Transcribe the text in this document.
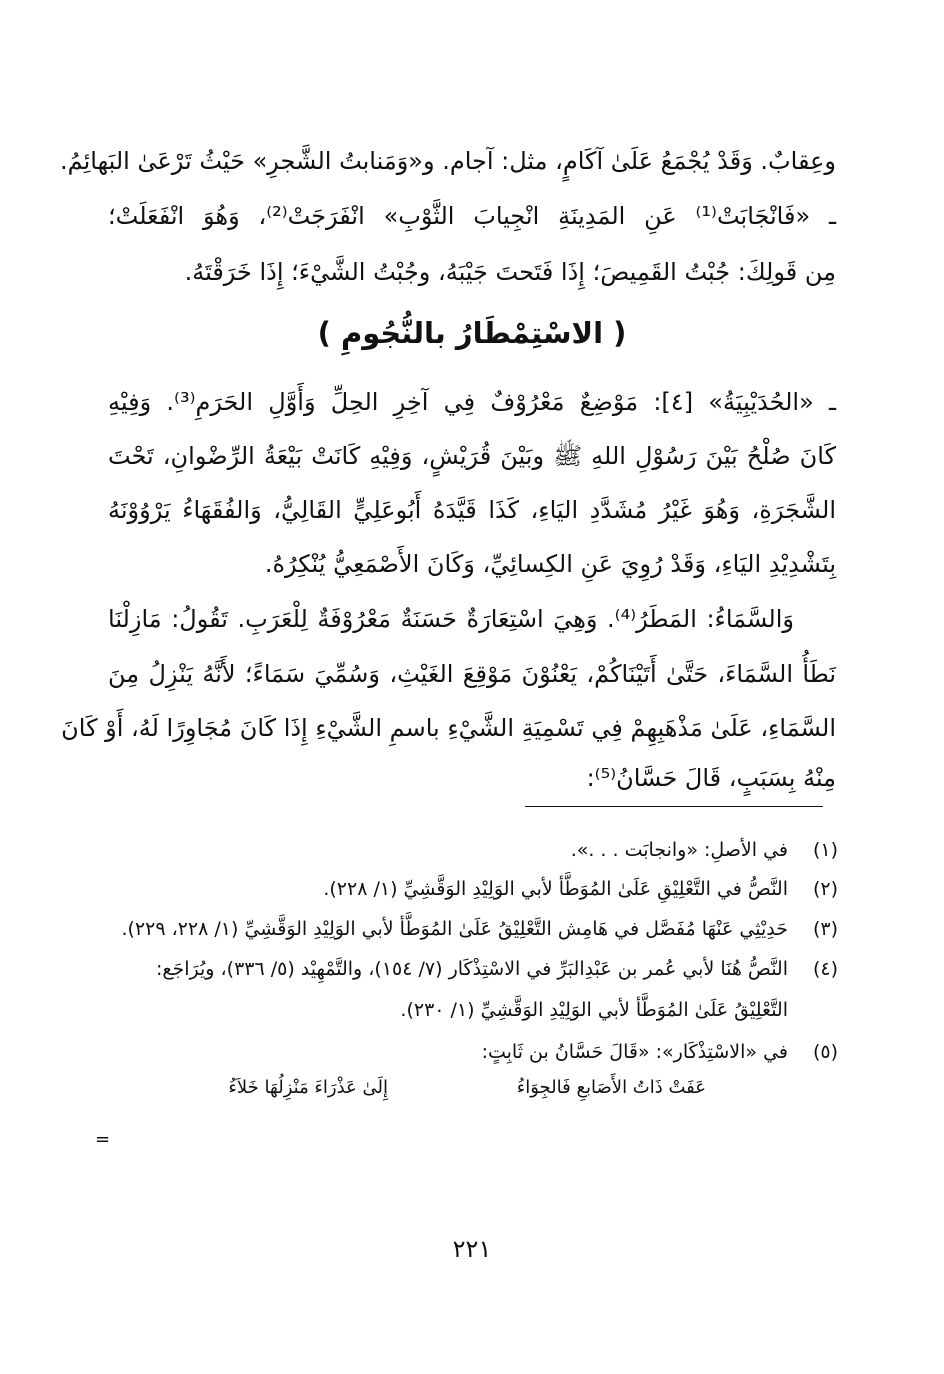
وعِقابٌ. وَقَدْ يُجْمَعُ عَلَىٰ آكَامٍ، مثل: آجام. و«وَمَنابتُ الشَّجرِ» حَيْثُ تَرْعَىٰ البَهائِمُ.
ـ «فَانْجَابَتْ⁽¹⁾ عَنِ المَدِينَةِ انْجِيابَ الثَّوْبِ» انْفَرَجَتْ⁽²⁾، وَهُوَ انْفَعَلَتْ؛
مِن قَولِكَ: جُبْتُ القَمِيصَ؛ إِذَا فَتَحتَ جَيْبَهُ، وجُبْتُ الشَّيْءَ؛ إِذَا خَرَقْتَهُ.
( الاسْتِمْطَارُ بالنُّجُومِ )
ـ «الحُدَيْبِيَةُ» [٤]: مَوْضِعٌ مَعْرُوْفٌ فِي آخِرِ الحِلِّ وَأَوَّلِ الحَرَمِ⁽³⁾. وَفِيْهِ
كَانَ صُلْحُ بَيْنَ رَسُوْلِ اللهِ ﷺ وبَيْنَ قُرَيْشٍ، وَفِيْهِ كَانَتْ بَيْعَةُ الرِّضْوانِ، تَحْتَ
الشَّجَرَةِ، وَهُوَ غَيْرُ مُشَدَّدِ اليَاءِ، كَذَا قَيَّدَهُ أَبُوعَلِيٍّ القَالِيُّ، وَالفُقَهَاءُ يَرْوُوْنَهُ
بِتَشْدِيْدِ اليَاءِ، وَقَدْ رُوِيَ عَنِ الكِسائِيِّ، وَكَانَ الأَصْمَعِيُّ يُنْكِرُهُ.
وَالسَّمَاءُ: المَطَرُ⁽⁴⁾. وَهِيَ اسْتِعَارَةٌ حَسَنَةٌ مَعْرُوْفَةٌ لِلْعَرَبِ. تَقُولُ: مَازِلْنَا
نَطَأُ السَّمَاءَ، حَتَّىٰ أَتَيْنَاكُمْ، يَعْنُوْنَ مَوْقِعَ الغَيْثِ، وَسُمِّيَ سَمَاءً؛ لأَنَّهُ يَنْزِلُ مِنَ
السَّمَاءِ، عَلَىٰ مَذْهَبِهِمْ فِي تَسْمِيَةِ الشَّيْءِ باسمِ الشَّيْءِ إِذَا كَانَ مُجَاوِرًا لَهُ، أَوْ كَانَ
مِنْهُ بِسَبَبٍ، قَالَ حَسَّانُ⁽⁵⁾:
(١)
في الأصلِ: «وانجابَت . . .».
(٢)
النَّصُّ في التَّعْلِيْقِ عَلَىٰ المُوَطَّأ لأبي الوَلِيْدِ الوَقَّشِيِّ (١/ ٢٢٨).
(٣)
حَدِيْثِي عَنْهَا مُفَصَّل في هَامِش التَّعْلِيْقُ عَلَىٰ المُوَطَّأ لأبي الوَلِيْدِ الوَقَّشِيِّ (١/ ٢٢٨، ٢٢٩).
(٤)
النَّصُّ هُنَا لأبي عُمر بن عَبْدِالبَرِّ في الاسْتِذْكَار (٧/ ١٥٤)، والتَّمْهِيْد (٥/ ٣٣٦)، ويُرَاجَع:
التَّعْلِيْقُ عَلَىٰ المُوَطَّأ لأبي الوَلِيْدِ الوَقَّشِيِّ (١/ ٢٣٠).
(٥)
في «الاسْتِذْكَار»: «قَالَ حَسَّانُ بن ثَابِتٍ:
عَفَتْ ذَاتُ الأَصَابعِ فَالجِوَاءُ
إِلَىٰ عَذْرَاءَ مَنْزِلُهَا خَلاَءُ
=
٢٢١
